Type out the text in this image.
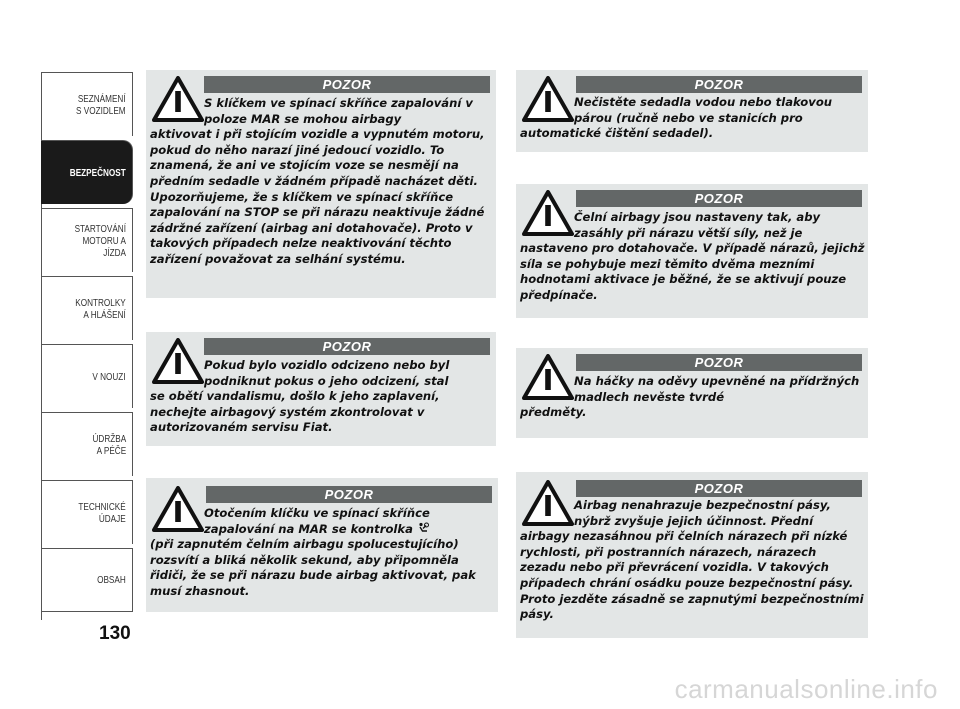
SEZNÁMENÍ
S VOZIDLEM
BEZPEČNOST
STARTOVÁNÍ
MOTORU A JÍZDA
KONTROLKY
A HLÁŠENÍ
V NOUZI
ÚDRŽBA
A PÉČE
TECHNICKÉ
ÚDAJE
OBSAH
130
POZOR
S klíčkem ve spínací skříňce zapalování v poloze MAR se mohou airbagy
aktivovat i při stojícím vozidle a vypnutém motoru, pokud do něho narazí jiné jedoucí vozidlo. To znamená, že ani ve stojícím voze se nesmějí na předním sedadle v žádném případě nacházet děti. Upozorňujeme, že s klíčkem ve spínací skříňce zapalování na STOP se při nárazu neaktivuje žádné zádržné zařízení (airbag ani dotahovače). Proto v takových případech nelze neaktivování těchto zařízení považovat za selhání systému.
POZOR
Pokud bylo vozidlo odcizeno nebo byl podniknut pokus o jeho odcizení, stal
se obětí vandalismu, došlo k jeho zaplavení, nechejte airbagový systém zkontrolovat v autorizovaném servisu Fiat.
POZOR
Otočením klíčku ve spínací skříňce zapalování na MAR se kontrolka
(při zapnutém čelním airbagu spolucestujícího) rozsvítí a bliká několik sekund, aby připomněla řidiči, že se při nárazu bude airbag aktivovat, pak musí zhasnout.
POZOR
Nečistěte sedadla vodou nebo tlakovou párou (ručně nebo ve stanicích pro
automatické čištění sedadel).
POZOR
Čelní airbagy jsou nastaveny tak, aby zasáhly při nárazu větší síly, než je
nastaveno pro dotahovače. V případě nárazů, jejichž síla se pohybuje mezi těmito dvěma mezními hodnotami aktivace je běžné, že se aktivují pouze předpínače.
POZOR
Na háčky na oděvy upevněné na přídržných madlech nevěste tvrdé
předměty.
POZOR
Airbag nenahrazuje bezpečnostní pásy, nýbrž zvyšuje jejich účinnost. Přední
airbagy nezasáhnou při čelních nárazech při nízké rychlosti, při postranních nárazech, nárazech zezadu nebo při převrácení vozidla. V takových případech chrání osádku pouze bezpečnostní pásy. Proto jezděte zásadně se zapnutými bezpečnostními pásy.
carmanualsonline.info
